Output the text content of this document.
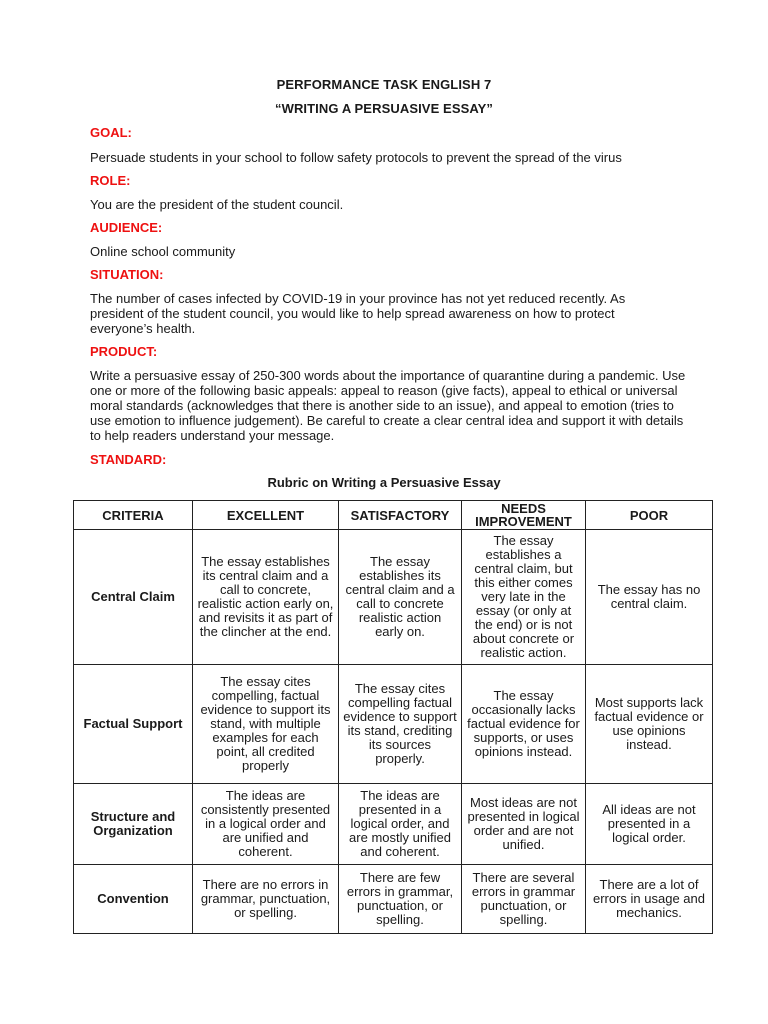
PERFORMANCE TASK ENGLISH 7
“WRITING A PERSUASIVE ESSAY”
GOAL:
Persuade students in your school to follow safety protocols to prevent the spread of the virus
ROLE:
You are the president of the student council.
AUDIENCE:
Online school community
SITUATION:
The number of cases infected by COVID-19 in your province has not yet reduced recently. As president of the student council, you would like to help spread awareness on how to protect everyone’s health.
PRODUCT:
Write a persuasive essay of 250-300 words about the importance of quarantine during a pandemic. Use one or more of the following basic appeals: appeal to reason (give facts), appeal to ethical or universal moral standards (acknowledges that there is another side to an issue), and appeal to emotion (tries to use emotion to influence judgement). Be careful to create a clear central idea and support it with details to help readers understand your message.
STANDARD:
Rubric on Writing a Persuasive Essay
CRITERIA	EXCELLENT	SATISFACTORY	NEEDS IMPROVEMENT	POOR
Central Claim	The essay establishes its central claim and a call to concrete, realistic action early on, and revisits it as part of the clincher at the end.	The essay establishes its central claim and a call to concrete realistic action early on.	The essay establishes a central claim, but this either comes very late in the essay (or only at the end) or is not about concrete or realistic action.	The essay has no central claim.
Factual Support	The essay cites compelling, factual evidence to support its stand, with multiple examples for each point, all credited properly	The essay cites compelling factual evidence to support its stand, crediting its sources properly.	The essay occasionally lacks factual evidence for supports, or uses opinions instead.	Most supports lack factual evidence or use opinions instead.
Structure and Organization	The ideas are consistently presented in a logical order and are unified and coherent.	The ideas are presented in a logical order, and are mostly unified and coherent.	Most ideas are not presented in logical order and are not unified.	All ideas are not presented in a logical order.
Convention	There are no errors in grammar, punctuation, or spelling.	There are few errors in grammar, punctuation, or spelling.	There are several errors in grammar punctuation, or spelling.	There are a lot of errors in usage and mechanics.
